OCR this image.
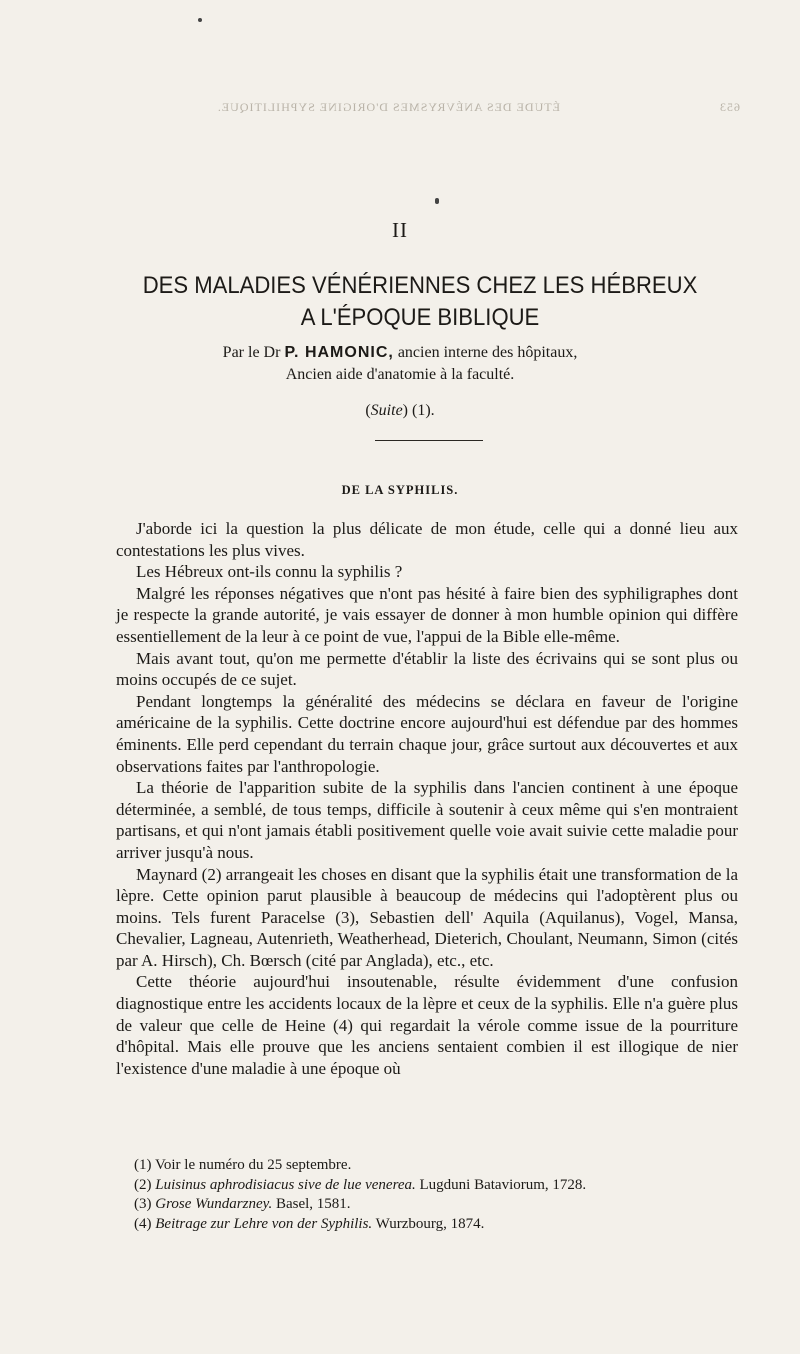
653
ÉTUDE DES ANÉVRYSMES D'ORIGINE SYPHILITIQUE.
II
DES MALADIES VÉNÉRIENNES CHEZ LES HÉBREUX
A L'ÉPOQUE BIBLIQUE
Par le Dr P. HAMONIC, ancien interne des hôpitaux,
Ancien aide d'anatomie à la faculté.
(Suite) (1).
DE LA SYPHILIS.

J'aborde ici la question la plus délicate de mon étude, celle qui a donné lieu aux contestations les plus vives.

Les Hébreux ont-ils connu la syphilis ?

Malgré les réponses négatives que n'ont pas hésité à faire bien des syphiligraphes dont je respecte la grande autorité, je vais essayer de donner à mon humble opinion qui diffère essentiellement de la leur à ce point de vue, l'appui de la Bible elle-même.

Mais avant tout, qu'on me permette d'établir la liste des écrivains qui se sont plus ou moins occupés de ce sujet.

Pendant longtemps la généralité des médecins se déclara en faveur de l'origine américaine de la syphilis. Cette doctrine encore aujourd'hui est défendue par des hommes éminents. Elle perd cependant du terrain chaque jour, grâce surtout aux découvertes et aux observations faites par l'anthropologie.

La théorie de l'apparition subite de la syphilis dans l'ancien continent à une époque déterminée, a semblé, de tous temps, difficile à soutenir à ceux même qui s'en montraient partisans, et qui n'ont jamais établi positivement quelle voie avait suivie cette maladie pour arriver jusqu'à nous.

Maynard (2) arrangeait les choses en disant que la syphilis était une transformation de la lèpre. Cette opinion parut plausible à beaucoup de médecins qui l'adoptèrent plus ou moins. Tels furent Paracelse (3), Sebastien dell' Aquila (Aquilanus), Vogel, Mansa, Chevalier, Lagneau, Autenrieth, Weatherhead, Dieterich, Choulant, Neumann, Simon (cités par A. Hirsch), Ch. Bœrsch (cité par Anglada), etc., etc.

Cette théorie aujourd'hui insoutenable, résulte évidemment d'une confusion diagnostique entre les accidents locaux de la lèpre et ceux de la syphilis. Elle n'a guère plus de valeur que celle de Heine (4) qui regardait la vérole comme issue de la pourriture d'hôpital. Mais elle prouve que les anciens sentaient combien il est illogique de nier l'existence d'une maladie à une époque où

(1) Voir le numéro du 25 septembre.
(2) Luisinus aphrodisiacus sive de lue venerea. Lugduni Bataviorum, 1728.
(3) Grose Wundarzney. Basel, 1581.
(4) Beitrage zur Lehre von der Syphilis. Wurzbourg, 1874.
